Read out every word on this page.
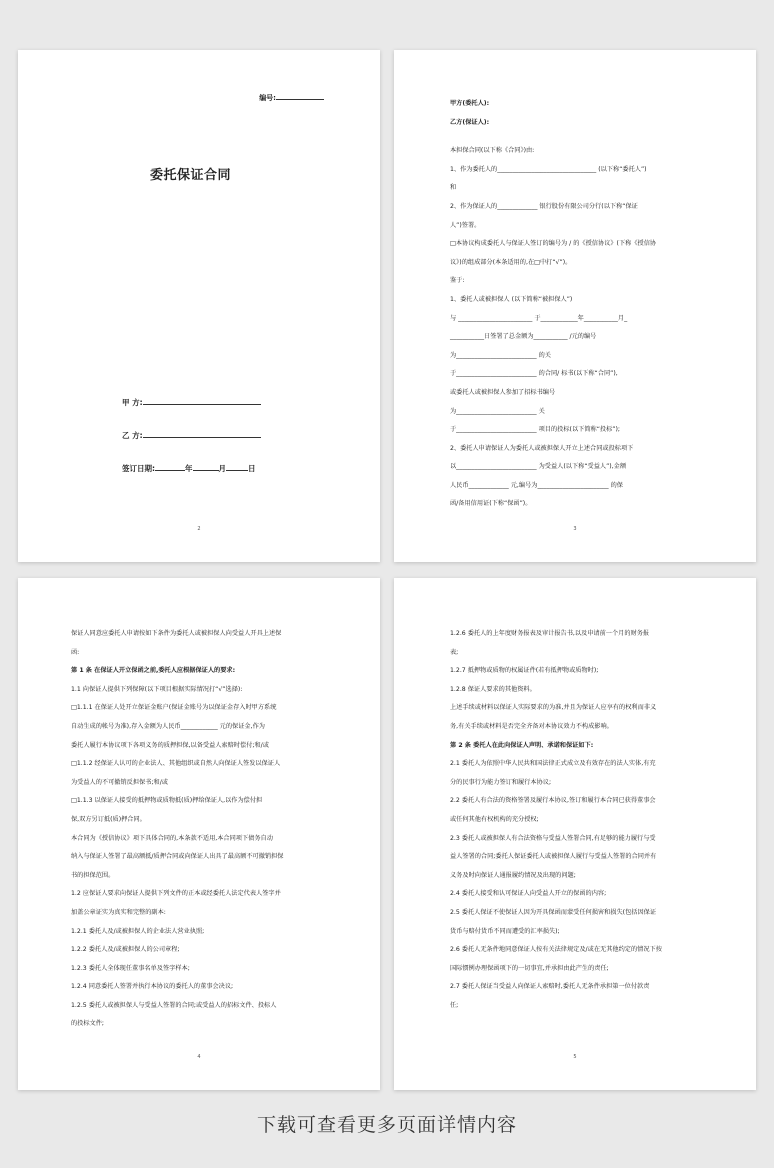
编号:
委托保证合同
甲 方:
乙 方:
签订日期:	年	月	日
2
甲方(委托人):
乙方(保证人):
本担保合同(以下称《合同》)由:
1、作为委托人的________________________________ (以下称“委托人”)
和
2、作为保证人的_____________ 银行股份有限公司分行(以下称“保证
人”)签署。
□本协议构成委托人与保证人签订的编号为 / 的《授信协议》(下称《授信协
议》)的组成部分(本条适用的,在□中打“√”)。
鉴于:
1、委托人或被担保人 (以下简称“被担保人”)
与 ________________________ 于____________年___________月_
___________日签署了总金额为___________ /元的编号
为__________________________ 的关
于__________________________ 的合同/ 标书(以下称“合同”),
或委托人或被担保人参加了招标书编号
为__________________________ 关
于__________________________ 项目的投标(以下简称“投标”);
2、委托人申请保证人为委托人或被担保人开立上述合同或投标项下
以__________________________ 为受益人(以下称“受益人”),金额
人民币_____________ 元,编号为_______________________ 的保
函/备用信用证(下称“保函”)。
3
保证人同意应委托人申请按如下条件为委托人或被担保人向受益人开具上述保
函:
第 1 条 在保证人开立保函之前,委托人应根据保证人的要求:
1.1 向保证人提供下列保障(以下项目根据实际情况打“√”选择):
□1.1.1 在保证人处开立保证金账户(保证金账号为以保证金存入时甲方系统
自动生成的帐号为准),存入金额为人民币____________ 元的保证金,作为
委托人履行本协议项下各项义务的质押担保,以备受益人索赔时偿付;和/或
□1.1.2 经保证人认可的企业法人、其他组织或自然人向保证人签发以保证人
为受益人的不可撤销反担保书;和/或
□1.1.3 以保证人接受的抵押物或质物抵(质)押给保证人,以作为偿付担
保,双方另订抵(质)押合同。
本合同为《授信协议》项下具体合同的,本条款不适用,本合同项下债务自动
纳入与保证人签署了最高额抵/质押合同或向保证人出具了最高额不可撤销担保
书的担保范围。
1.2 应保证人要求向保证人提供下列文件的正本或经委托人法定代表人签字并
加盖公章证实为真实和完整的副本:
1.2.1 委托人及/或被担保人的企业法人营业执照;
1.2.2 委托人及/或被担保人的公司章程;
1.2.3 委托人全体现任董事名单及签字样本;
1.2.4 同意委托人签署并执行本协议的委托人的董事会决议;
1.2.5 委托人或被担保人与受益人签署的合同;或受益人的招标文件、投标人
的投标文件;
4
1.2.6 委托人的上年度财务报表及审计报告书,以及申请前一个月的财务报
表;
1.2.7 抵押物或质物的权属证件(若有抵押物或质物时);
1.2.8 保证人要求的其他资料。
上述手续或材料以保证人实际要求的为准,并且为保证人应享有的权利而非义
务,有关手续或材料是否完全齐备对本协议效力不构成影响。
第 2 条 委托人在此向保证人声明、承诺和保证如下:
2.1 委托人为依照中华人民共和国法律正式成立及有效存在的法人实体,有充
分的民事行为能力签订和履行本协议;
2.2 委托人有合法的资格签署及履行本协议,签订和履行本合同已获得董事会
或任何其他有权机构的充分授权;
2.3 委托人或被担保人有合法资格与受益人签署合同,有足够的能力履行与受
益人签署的合同;委托人保证委托人或被担保人履行与受益人签署的合同并有
义务及时向保证人通报履约情况及出现的问题;
2.4 委托人接受和认可保证人向受益人开立的保函的内容;
2.5 委托人保证不使保证人因为开具保函而蒙受任何损害和损失(包括因保证
货币与赔付货币不同而遭受的汇率损失);
2.6 委托人无条件地同意保证人按有关法律规定及/或在无其他约定的情况下按
国际惯例办理保函项下的一切事宜,并承担由此产生的责任;
2.7 委托人保证当受益人向保证人索赔时,委托人无条件承担第一位付款责
任;
5
下载可查看更多页面详情内容
